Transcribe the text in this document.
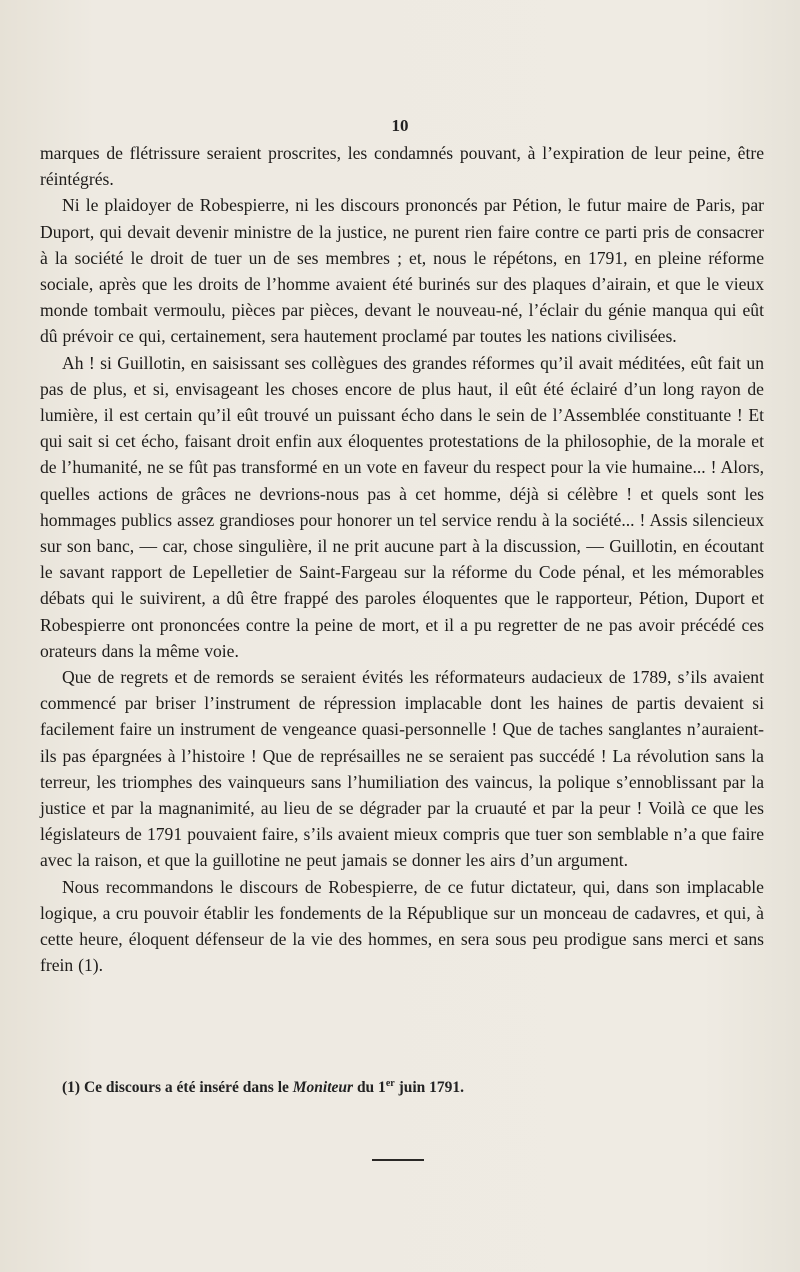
10

marques de flétrissure seraient proscrites, les condamnés pouvant, à l’expiration de leur peine, être réintégrés.

Ni le plaidoyer de Robespierre, ni les discours prononcés par Pétion, le futur maire de Paris, par Duport, qui devait devenir ministre de la justice, ne purent rien faire contre ce parti pris de consacrer à la société le droit de tuer un de ses membres ; et, nous le répétons, en 1791, en pleine réforme sociale, après que les droits de l’homme avaient été burinés sur des plaques d’airain, et que le vieux monde tombait vermoulu, pièces par pièces, devant le nouveau-né, l’éclair du génie manqua qui eût dû prévoir ce qui, certainement, sera hautement proclamé par toutes les nations civilisées.

Ah ! si Guillotin, en saisissant ses collègues des grandes réformes qu’il avait méditées, eût fait un pas de plus, et si, envisageant les choses encore de plus haut, il eût été éclairé d’un long rayon de lumière, il est certain qu’il eût trouvé un puissant écho dans le sein de l’Assemblée constituante ! Et qui sait si cet écho, faisant droit enfin aux éloquentes protestations de la philosophie, de la morale et de l’humanité, ne se fût pas transformé en un vote en faveur du respect pour la vie humaine... ! Alors, quelles actions de grâces ne devrions-nous pas à cet homme, déjà si célèbre ! et quels sont les hommages publics assez grandioses pour honorer un tel service rendu à la société... ! Assis silencieux sur son banc, — car, chose singulière, il ne prit aucune part à la discussion, — Guillotin, en écoutant le savant rapport de Lepelletier de Saint-Fargeau sur la réforme du Code pénal, et les mémorables débats qui le suivirent, a dû être frappé des paroles éloquentes que le rapporteur, Pétion, Duport et Robespierre ont prononcées contre la peine de mort, et il a pu regretter de ne pas avoir précédé ces orateurs dans la même voie.

Que de regrets et de remords se seraient évités les réformateurs audacieux de 1789, s’ils avaient commencé par briser l’instrument de répression implacable dont les haines de partis devaient si facilement faire un instrument de vengeance quasi-personnelle ! Que de taches sanglantes n’auraient-ils pas épargnées à l’histoire ! Que de représailles ne se seraient pas succédé ! La révolution sans la terreur, les triomphes des vainqueurs sans l’humiliation des vaincus, la polique s’ennoblissant par la justice et par la magnanimité, au lieu de se dégrader par la cruauté et par la peur ! Voilà ce que les législateurs de 1791 pouvaient faire, s’ils avaient mieux compris que tuer son semblable n’a que faire avec la raison, et que la guillotine ne peut jamais se donner les airs d’un argument.

Nous recommandons le discours de Robespierre, de ce futur dictateur, qui, dans son implacable logique, a cru pouvoir établir les fondements de la République sur un monceau de cadavres, et qui, à cette heure, éloquent défenseur de la vie des hommes, en sera sous peu prodigue sans merci et sans frein (1).

(1) Ce discours a été inséré dans le Moniteur du 1er juin 1791.
